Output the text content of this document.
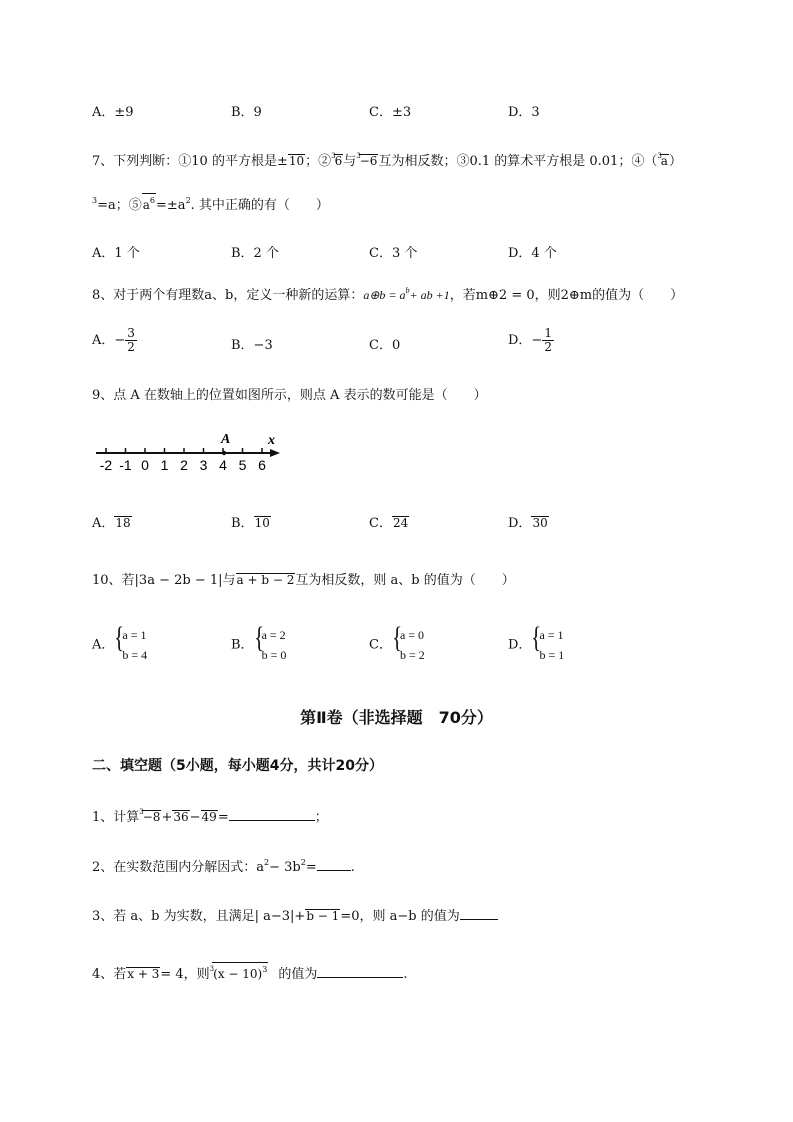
A．±9	B．9	C．±3	D．3
7、下列判断：①10 的平方根是±10；②$^3$6与$^3$−6互为相反数；③0.1 的算术平方根是 0.01；④（$^3$a）
$^3$=a；$⑤a^6=\pm a^2$. 其中正确的有（　　）
A．1 个	B．2 个	C．3 个	D．4 个
8、对于两个有理数a、b，定义一种新的运算：a⊕b = $a^b+$ ab +1，若m⊕2 = 0，则2⊕m的值为（　　）
A．− $\frac{3}{2}$	B．−3	C．0	D．− $\frac{1}{2}$
9、点 A 在数轴上的位置如图所示，则点 A 表示的数可能是（　　）
A	x
-2 -1 0 1 2 3 4 5 6
A．18	B．10	C．24	D．30
10、若|3a − 2b − 1|与a + b − 2互为相反数，则 a、b 的值为（　　）
A．
{ a = 1
b = 4
B．
{ a = 2
b = 0
C．
{ a = 0
b = 2
D．
{ a = 1
b = 1
第Ⅱ卷（非选择题　70分）
二、填空题（5小题，每小题4分，共计20分）
1、计算$^3$−8+36−49=	；
2、在实数范围内分解因式：$a^2- 3b^2=$	.
3、若 a、b 为实数，且满足| a−3|+b − 1=0，则 a−b 的值为
4、若x + 3= 4，则$^3(x - 10)^3$ 的值为	.
